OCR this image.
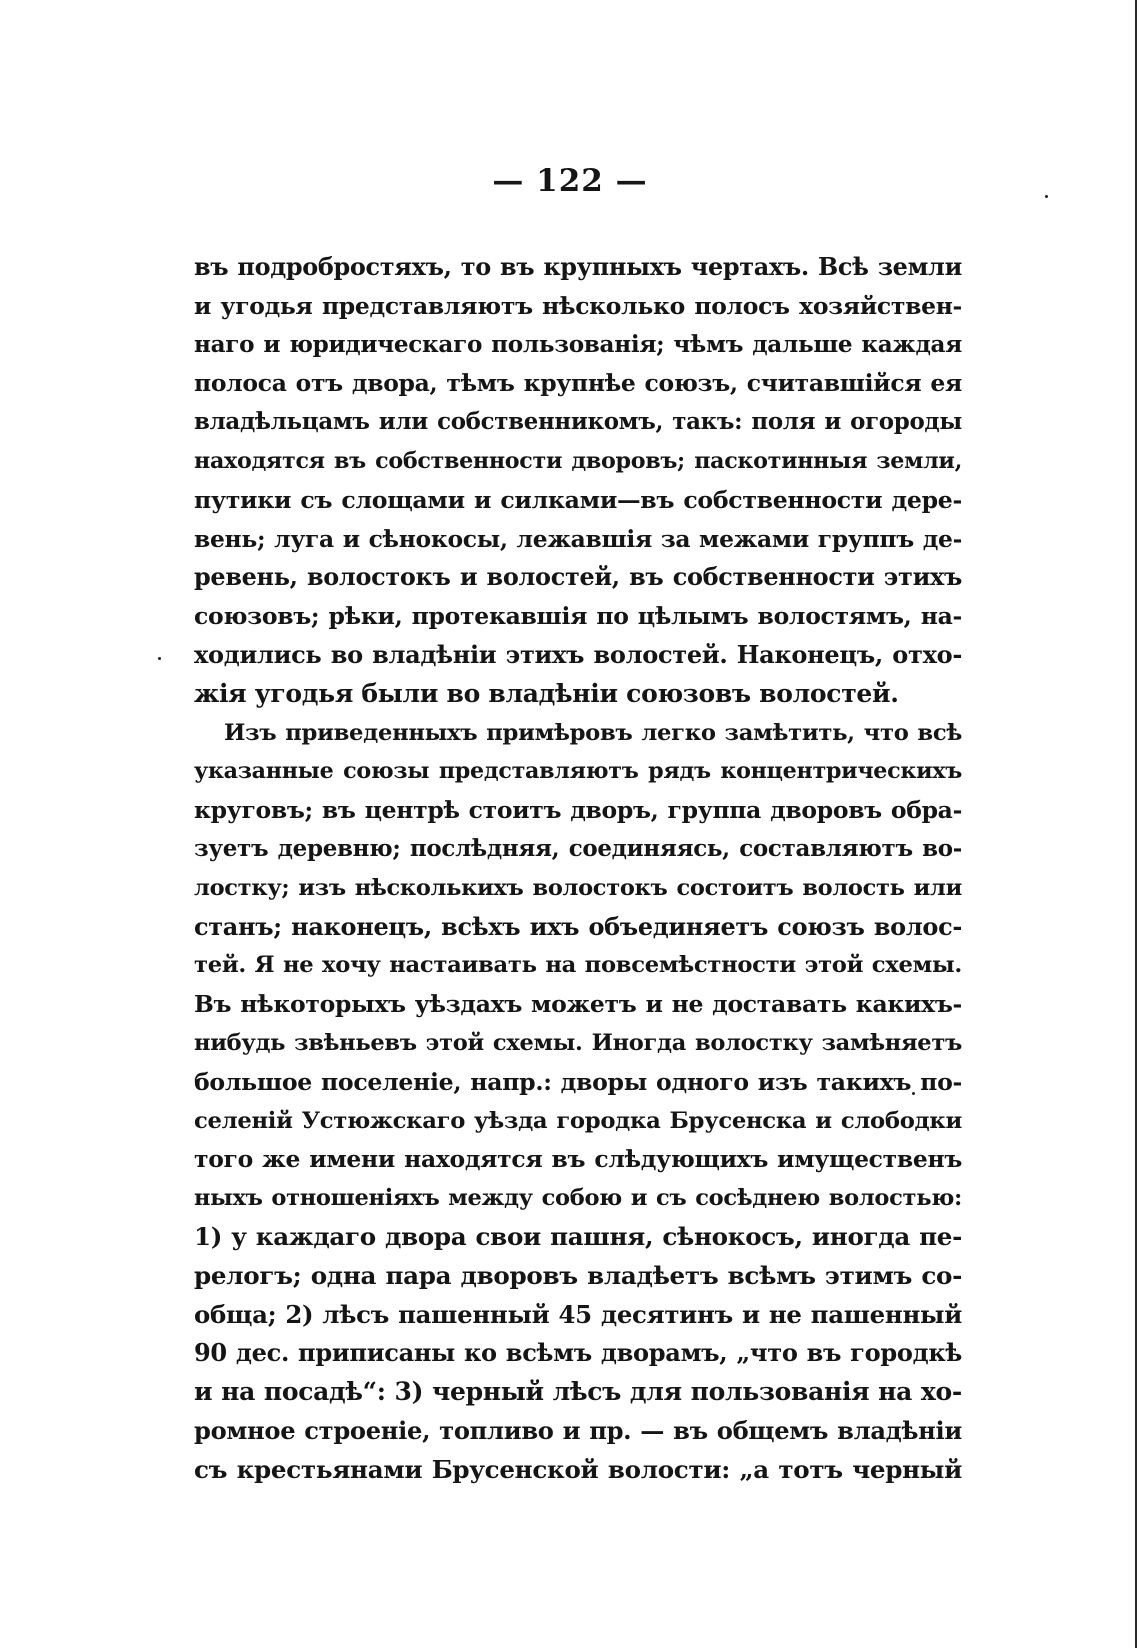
— 122 —
въ подробростяхъ, то въ крупныхъ чертахъ. Всѣ земли
и угодья представляютъ нѣсколько полосъ хозяйствен-
наго и юридическаго пользованія; чѣмъ дальше каждая
полоса отъ двора, тѣмъ крупнѣе союзъ, считавшійся ея
владѣльцамъ или собственникомъ, такъ: поля и огороды
находятся въ собственности дворовъ; паскотинныя земли,
путики съ слощами и силками—въ собственности дере-
вень; луга и сѣнокосы, лежавшія за межами группъ де-
ревень, волостокъ и волостей, въ собственности этихъ
союзовъ; рѣки, протекавшія по цѣлымъ волостямъ, на-
ходились во владѣніи этихъ волостей. Наконецъ, отхо-
жія угодья были во владѣніи союзовъ волостей.
Изъ приведенныхъ примѣровъ легко замѣтить, что всѣ
указанные союзы представляютъ рядъ концентрическихъ
круговъ; въ центрѣ стоитъ дворъ, группа дворовъ обра-
зуетъ деревню; послѣдняя, соединяясь, составляютъ во-
лостку; изъ нѣсколькихъ волостокъ состоитъ волость или
станъ; наконецъ, всѣхъ ихъ объединяетъ союзъ волос-
тей. Я не хочу настаивать на повсемѣстности этой схемы.
Въ нѣкоторыхъ уѣздахъ можетъ и не доставать какихъ-
нибудь звѣньевъ этой схемы. Иногда волостку замѣняетъ
большое поселеніе, напр.: дворы одного изъ такихъ по-
селеній Устюжскаго уѣзда городка Брусенска и слободки
того же имени находятся въ слѣдующихъ имущественъ
ныхъ отношеніяхъ между собою и съ сосѣднею волостью:
1) у каждаго двора свои пашня, сѣнокосъ, иногда пе-
релогъ; одна пара дворовъ владѣетъ всѣмъ этимъ со-
обща; 2) лѣсъ пашенный 45 десятинъ и не пашенный
90 дес. приписаны ко всѣмъ дворамъ, „что въ городкѣ
и на посадѣ“: 3) черный лѣсъ для пользованія на хо-
ромное строеніе, топливо и пр. — въ общемъ владѣніи
съ крестьянами Брусенской волости: „а тотъ черный
